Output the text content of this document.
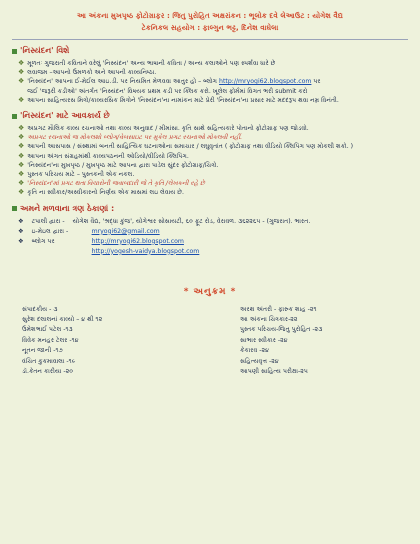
આ અંકના મુખપૃષ્ઠ ફોટોગ્રાફર : જિતુ પુરોહિત અક્ષરાંકન : ભૂલોક દવે લેઆઉટ : યોગેશ વૈદ્ય
ટેકનિકલ સહયોગ : ફાલ્ગુન ભટ્ટ, દિનેશ વાઘેલા
'નિસ્યંદન' વિશે
❖ મૂળતઃ ગુજરાતી કવિતાને વરેલું 'નિસ્યંદન' અન્ય ભાષાની કવિતા / અન્ય કલાઓને પણ સ્પર્શવા ધારે છે
❖ લવાજમ –આપનો ઉમળકો અને આપની કાવ્યનિષ્ઠા.
❖ 'નિસ્યંદન' આપના ઈ-મેઈલ આઇ.ડી. પર નિયમિત મેળવવા આતુર હો – બ્લોગ http://mryogi62.blogspot.com પર
જઈ 'જરૂરી કડીઓ' અંતર્ગત 'નિસ્યંદન' વિષયક પ્રથમ કડી પર ક્લિક કરો. ખૂલેલ ફોર્મમાં વિગત ભરી submit કરો
❖ આપના સાહિત્યરસ મિત્રો/કાવ્યરસિક મિત્રોને 'નિસ્યંદન'ના નામાંકન માટે પ્રેરી 'નિસ્યંદન'ના પ્રસાર માટે મદદરૂપ થવા નમ્ર વિનંતી.
'નિસ્યંદન' માટે આવકાર્ય છે
❖ અપ્રગટ મૌલિક કાવ્ય રચનાઓ તથા કાવ્ય અનુવાદ / મીમાંસા. કૃતિ સાથે સહિત્યકારે પોતાનો ફોટોગ્રાફ પણ જોડવો.
❖ અપ્રગટ રચનાઓ જ મોકલશો બ્લોગ/વેબસાઇટ પર મુકેલ પ્રગટ રચનાઓ મોકલવી નહીં.
❖ આપની આસપાસ / સંસ્થામાં બનતી સાહિત્યિક ઘટનાઓના સમાચાર / લઘુવૃતાંત ( ફોટોગ્રાફ તથા વીડિયો ક્લિપિંગ પણ મોકલી શકો. )
❖ આપના અંગત સંગ્રહમાંથી કાવ્યપઠનની ઓડિયો/વીડિયો ક્લિપિંગ.
❖ 'નિસ્યંદન'ના મુખપૃષ્ઠ / મુખપૃષ્ઠ માટે આપના દ્વારા પાડેલ સુંદર ફોટોગ્રાફ/ચિત્રો.
❖ પુસ્તક પરિચય માટે – પુસ્તકની એક નકલ.
❖ 'નિસ્યંદન'માં પ્રગટ થતા વિચારોની જવાબદારી જે તે કૃતિ /લેખકની રહે છે
❖ કૃતિ ના સ્વીકાર/અસ્વીકારનો નિર્ણય એક માસમાં લઇ લેવાય છે.
અમને મળવાના ત્રણ ઠેકાણાં :
❖ ટપાલી દ્વારા - યોગેશ વૈદ્ય, 'શ્રદ્ધા કુંજ', યોગેશ્વર સોસાયટી, ૬૦ ફૂટ રોડ, વેરાવળ. ૩૬૨૨૬૫ - (ગુજરાત). ભારત.
❖ ઇ-મેઇલ દ્વારા -	mryogi62@gmail.com
❖ બ્લોગ પર	http://mryogi62.blogspot.com
http://yogesh-vaidya.blogspot.com
* અનુક્રમ *
સંપાદકીય - ૩
સુરેશ દલાલનાં કાવ્યો – ૪ થી ૧૨
ઉમેશભાઈ પટેલ -૧૩
વિવેક મનહર ટેલર -૧૪
નૂતન જાની -૧૭
વંચિત કુકમાવાલા -૧૯
ડૉ.કેતન કારીયા -૨૦
અરથ અંતરી - ફારુક શાહ -૨૧
આ અંકના ચિત્રકાર-૨૨
પુસ્તક પરિચય-જિતુ પુરોહિત -૨૩
સાભાર સ્વીકાર -૨૪
કેકારવ -૨૪
સહિત્યવૃત્ત -૨૪
આપણી સાહિત્ય પરીક્ષા-૨૫
